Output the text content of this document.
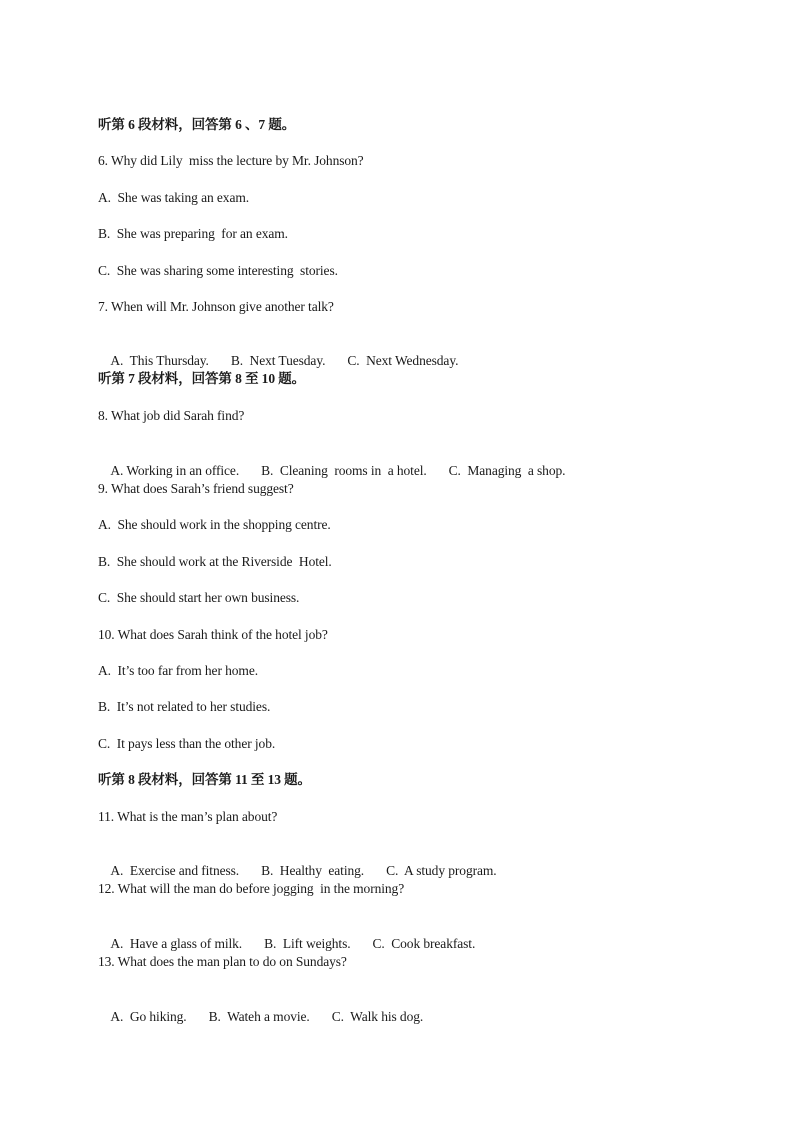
听第 6 段材料，回答第 6 、7 题。
6. Why did Lily  miss the lecture by Mr. Johnson?
A.  She was taking an exam.
B.  She was preparing  for an exam.
C.  She was sharing some interesting  stories.
7. When will Mr. Johnson give another talk?

A.  This Thursday. B.  Next Tuesday. C.  Next Wednesday.

听第 7 段材料，回答第 8 至 10 题。
8. What job did Sarah find?

A. Working in an office. B.  Cleaning  rooms in  a hotel. C.  Managing  a shop.

9. What does Sarah’s friend suggest?
A.  She should work in the shopping centre.
B.  She should work at the Riverside  Hotel.
C.  She should start her own business.
10. What does Sarah think of the hotel job?
A.  It’s too far from her home.
B.  It’s not related to her studies.
C.  It pays less than the other job.
听第 8 段材料，回答第 11 至 13 题。
11. What is the man’s plan about?

A.  Exercise and fitness. B.  Healthy  eating. C.  A study program.

12. What will the man do before jogging  in the morning?

A.  Have a glass of milk. B.  Lift weights. C.  Cook breakfast.

13. What does the man plan to do on Sundays?

A.  Go hiking. B.  Wateh a movie. C.  Walk his dog.
